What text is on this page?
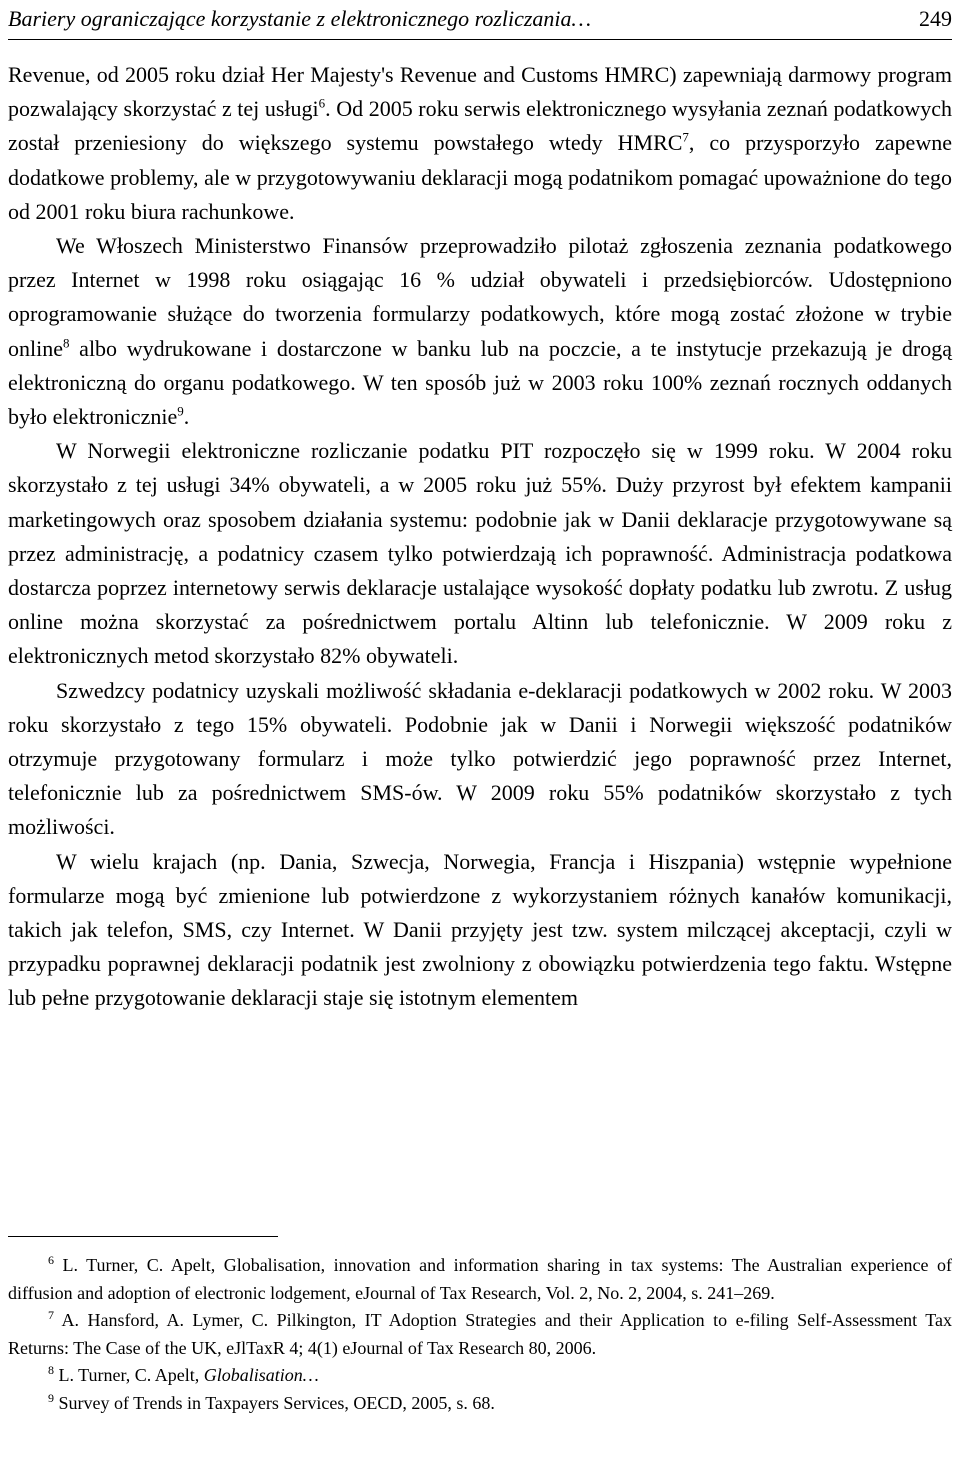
Bariery ograniczające korzystanie z elektronicznego rozliczania…	249

Revenue, od 2005 roku dział Her Majesty's Revenue and Customs HMRC) zapewniają darmowy program pozwalający skorzystać z tej usługi$^6$. Od 2005 roku serwis elektronicznego wysyłania zeznań podatkowych został przeniesiony do większego systemu powstałego wtedy HMRC$^7$, co przysporzyło zapewne dodatkowe problemy, ale w przygotowywaniu deklaracji mogą podatnikom pomagać upoważnione do tego od 2001 roku biura rachunkowe.

We Włoszech Ministerstwo Finansów przeprowadziło pilotaż zgłoszenia zeznania podatkowego przez Internet w 1998 roku osiągając 16 % udział obywateli i przedsiębiorców. Udostępniono oprogramowanie służące do tworzenia formularzy podatkowych, które mogą zostać złożone w trybie online$^8$ albo wydrukowane i dostarczone w banku lub na poczcie, a te instytucje przekazują je drogą elektroniczną do organu podatkowego. W ten sposób już w 2003 roku 100% zeznań rocznych oddanych było elektronicznie$^9$.

W Norwegii elektroniczne rozliczanie podatku PIT rozpoczęło się w 1999 roku. W 2004 roku skorzystało z tej usługi 34% obywateli, a w 2005 roku już 55%. Duży przyrost był efektem kampanii marketingowych oraz sposobem działania systemu: podobnie jak w Danii deklaracje przygotowywane są przez administrację, a podatnicy czasem tylko potwierdzają ich poprawność. Administracja podatkowa dostarcza poprzez internetowy serwis deklaracje ustalające wysokość dopłaty podatku lub zwrotu. Z usług online można skorzystać za pośrednictwem portalu Altinn lub telefonicznie. W 2009 roku z elektronicznych metod skorzystało 82% obywateli.

Szwedzcy podatnicy uzyskali możliwość składania e-deklaracji podatkowych w 2002 roku. W 2003 roku skorzystało z tego 15% obywateli. Podobnie jak w Danii i Norwegii większość podatników otrzymuje przygotowany formularz i może tylko potwierdzić jego poprawność przez Internet, telefonicznie lub za pośrednictwem SMS-ów. W 2009 roku 55% podatników skorzystało z tych możliwości.

W wielu krajach (np. Dania, Szwecja, Norwegia, Francja i Hiszpania) wstępnie wypełnione formularze mogą być zmienione lub potwierdzone z wykorzystaniem różnych kanałów komunikacji, takich jak telefon, SMS, czy Internet. W Danii przyjęty jest tzw. system milczącej akceptacji, czyli w przypadku poprawnej deklaracji podatnik jest zwolniony z obowiązku potwierdzenia tego faktu. Wstępne lub pełne przygotowanie deklaracji staje się istotnym elementem

$^6$ L. Turner, C. Apelt, Globalisation, innovation and information sharing in tax systems: The Australian experience of diffusion and adoption of electronic lodgement, eJournal of Tax Research, Vol. 2, No. 2, 2004, s. 241–269.

$^7$ A. Hansford, A. Lymer, C. Pilkington, IT Adoption Strategies and their Application to e-filing Self-Assessment Tax Returns: The Case of the UK, eJlTaxR 4; 4(1) eJournal of Tax Research 80, 2006.

$^8$ L. Turner, C. Apelt, Globalisation…

$^9$ Survey of Trends in Taxpayers Services, OECD, 2005, s. 68.
